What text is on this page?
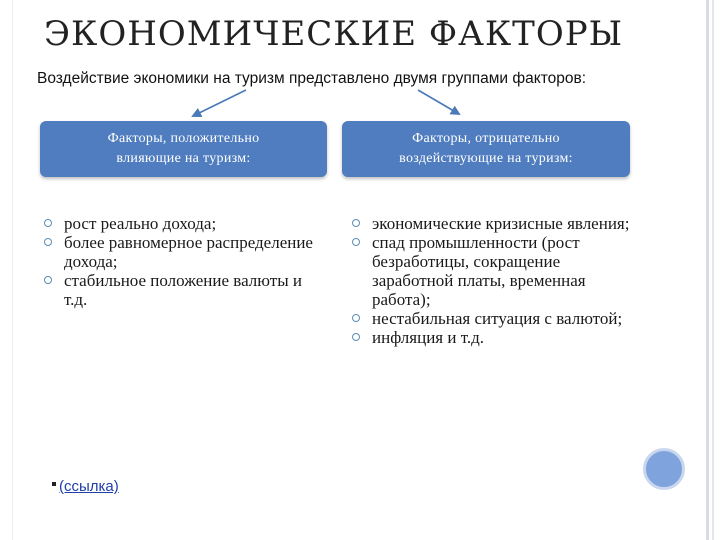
ЭКОНОМИЧЕСКИЕ ФАКТОРЫ
Воздействие экономики на туризм представлено двумя группами факторов:
Факторы, положительно
влияющие на туризм:
Факторы, отрицательно
воздействующие на туризм:
рост реально дохода;
более равномерное распределение дохода;
стабильное положение валюты и т.д.
экономические кризисные явления;
спад промышленности (рост безработицы, сокращение заработной платы, временная работа);
нестабильная ситуация с валютой;
инфляция и т.д.
(ссылка)
